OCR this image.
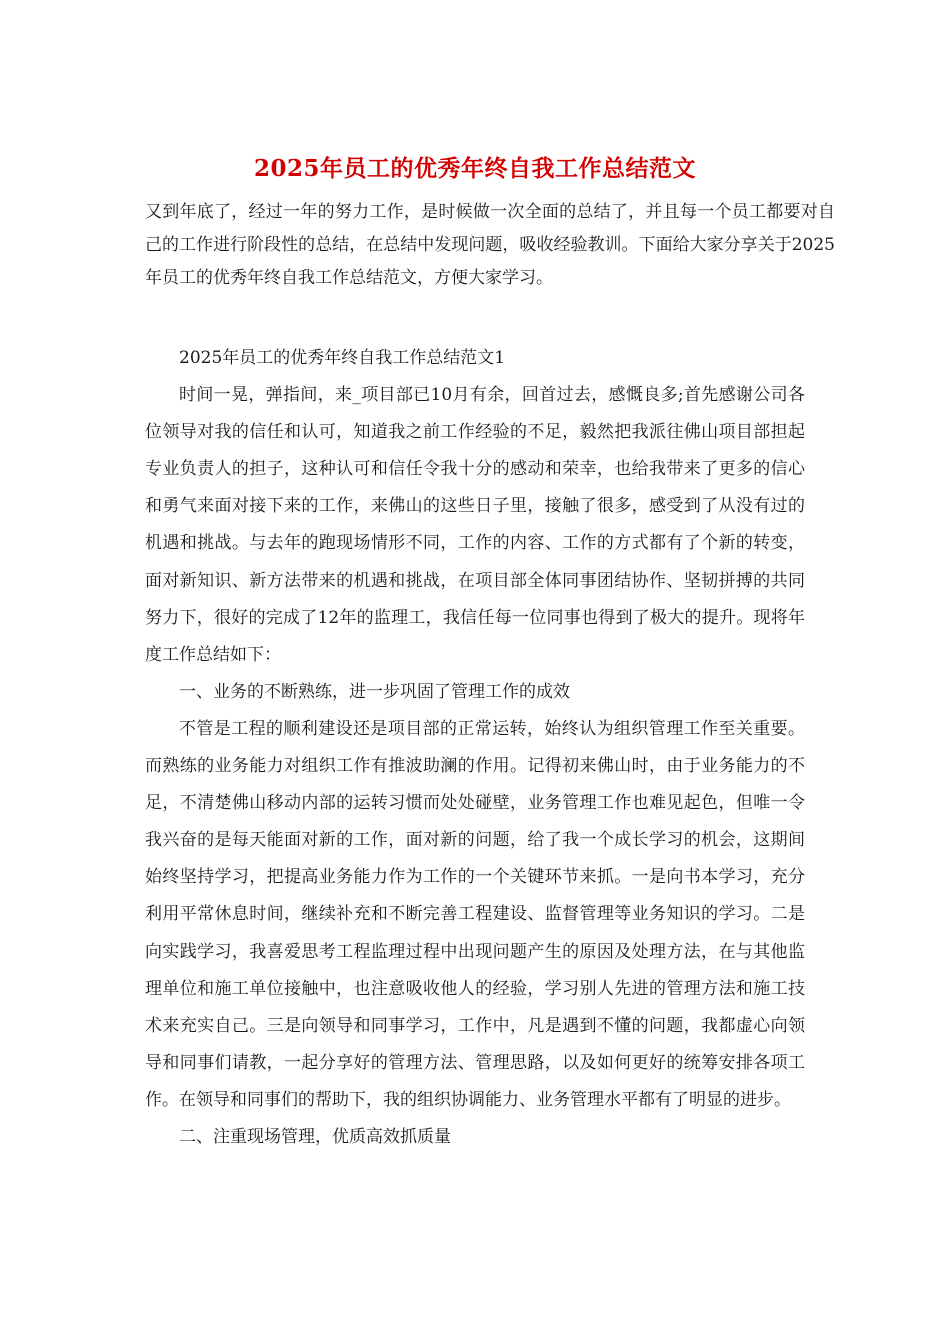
2025年员工的优秀年终自我工作总结范文

又到年底了，经过一年的努力工作，是时候做一次全面的总结了，并且每一个员工都要对自己的工作进行阶段性的总结，在总结中发现问题，吸收经验教训。下面给大家分享关于2025年员工的优秀年终自我工作总结范文，方便大家学习。

2025年员工的优秀年终自我工作总结范文1

时间一晃，弹指间，来_项目部已10月有余，回首过去，感慨良多;首先感谢公司各位领导对我的信任和认可，知道我之前工作经验的不足，毅然把我派往佛山项目部担起专业负责人的担子，这种认可和信任令我十分的感动和荣幸，也给我带来了更多的信心和勇气来面对接下来的工作，来佛山的这些日子里，接触了很多，感受到了从没有过的机遇和挑战。与去年的跑现场情形不同，工作的内容、工作的方式都有了个新的转变，面对新知识、新方法带来的机遇和挑战，在项目部全体同事团结协作、坚韧拼搏的共同努力下，很好的完成了12年的监理工，我信任每一位同事也得到了极大的提升。现将年度工作总结如下：

一、业务的不断熟练，进一步巩固了管理工作的成效

不管是工程的顺利建设还是项目部的正常运转，始终认为组织管理工作至关重要。而熟练的业务能力对组织工作有推波助澜的作用。记得初来佛山时，由于业务能力的不足，不清楚佛山移动内部的运转习惯而处处碰壁，业务管理工作也难见起色，但唯一令我兴奋的是每天能面对新的工作，面对新的问题，给了我一个成长学习的机会，这期间始终坚持学习，把提高业务能力作为工作的一个关键环节来抓。一是向书本学习，充分利用平常休息时间，继续补充和不断完善工程建设、监督管理等业务知识的学习。二是向实践学习，我喜爱思考工程监理过程中出现问题产生的原因及处理方法，在与其他监理单位和施工单位接触中，也注意吸收他人的经验，学习别人先进的管理方法和施工技术来充实自己。三是向领导和同事学习，工作中，凡是遇到不懂的问题，我都虚心向领导和同事们请教，一起分享好的管理方法、管理思路，以及如何更好的统筹安排各项工作。在领导和同事们的帮助下，我的组织协调能力、业务管理水平都有了明显的进步。

二、注重现场管理，优质高效抓质量
